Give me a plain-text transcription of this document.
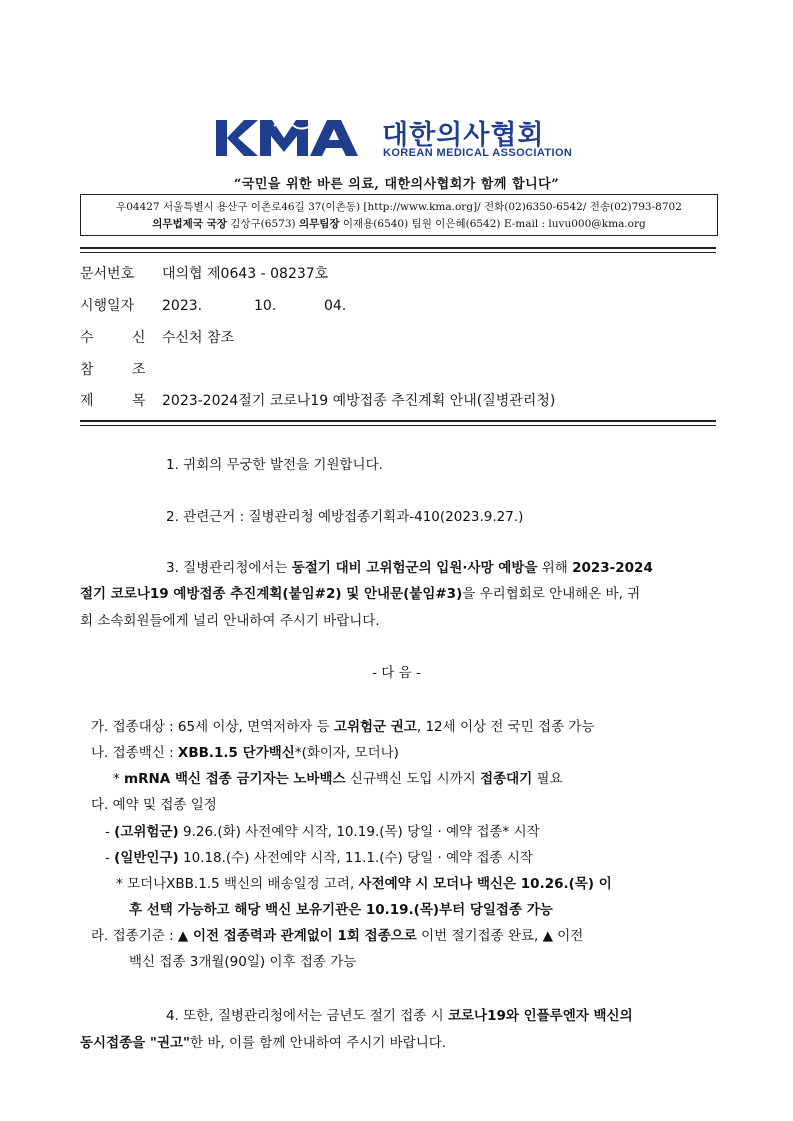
대한의사협회
KOREAN MEDICAL ASSOCIATION
“국민을 위한 바른 의료, 대한의사협회가 함께 합니다”
우04427 서울특별시 용산구 이촌로46길 37(이촌동) [http://www.kma.org]/ 전화(02)6350-6542/ 전송(02)793-8702
의무법제국 국장 김상구(6573) 의무팀장 이재용(6540) 팀원 이은혜(6542) E-mail : luvu000@kma.org
문서번호 대의협 제0643 - 08237호
시행일자 2023.	10.	04.
수	신 수신처 참조
참	조
제	목 2023-2024절기 코로나19 예방접종 추진계획 안내(질병관리청)
1. 귀회의 무궁한 발전을 기원합니다.
2. 관련근거 : 질병관리청 예방접종기획과-410(2023.9.27.)
3. 질병관리청에서는 동절기 대비 고위험군의 입원·사망 예방을 위해 2023-2024
절기 코로나19 예방접종 추진계획(붙임#2) 및 안내문(붙임#3)을 우리협회로 안내해온 바, 귀
회 소속회원들에게 널리 안내하여 주시기 바랍니다.
- 다 음 -
가. 접종대상 : 65세 이상, 면역저하자 등 고위험군 권고, 12세 이상 전 국민 접종 가능
나. 접종백신 : XBB.1.5 단가백신*(화이자, 모더나)
* mRNA 백신 접종 금기자는 노바백스 신규백신 도입 시까지 접종대기 필요
다. 예약 및 접종 일정
- (고위험군) 9.26.(화) 사전예약 시작, 10.19.(목) 당일 · 예약 접종* 시작
- (일반인구) 10.18.(수) 사전예약 시작, 11.1.(수) 당일 · 예약 접종 시작
* 모더나XBB.1.5 백신의 배송일정 고려, 사전예약 시 모더나 백신은 10.26.(목) 이
후 선택 가능하고 해당 백신 보유기관은 10.19.(목)부터 당일접종 가능
라. 접종기준 : ▲ 이전 접종력과 관계없이 1회 접종으로 이번 절기접종 완료, ▲ 이전
백신 접종 3개월(90일) 이후 접종 가능
4. 또한, 질병관리청에서는 금년도 절기 접종 시 코로나19와 인플루엔자 백신의
동시접종을 "권고"한 바, 이를 함께 안내하여 주시기 바랍니다.
